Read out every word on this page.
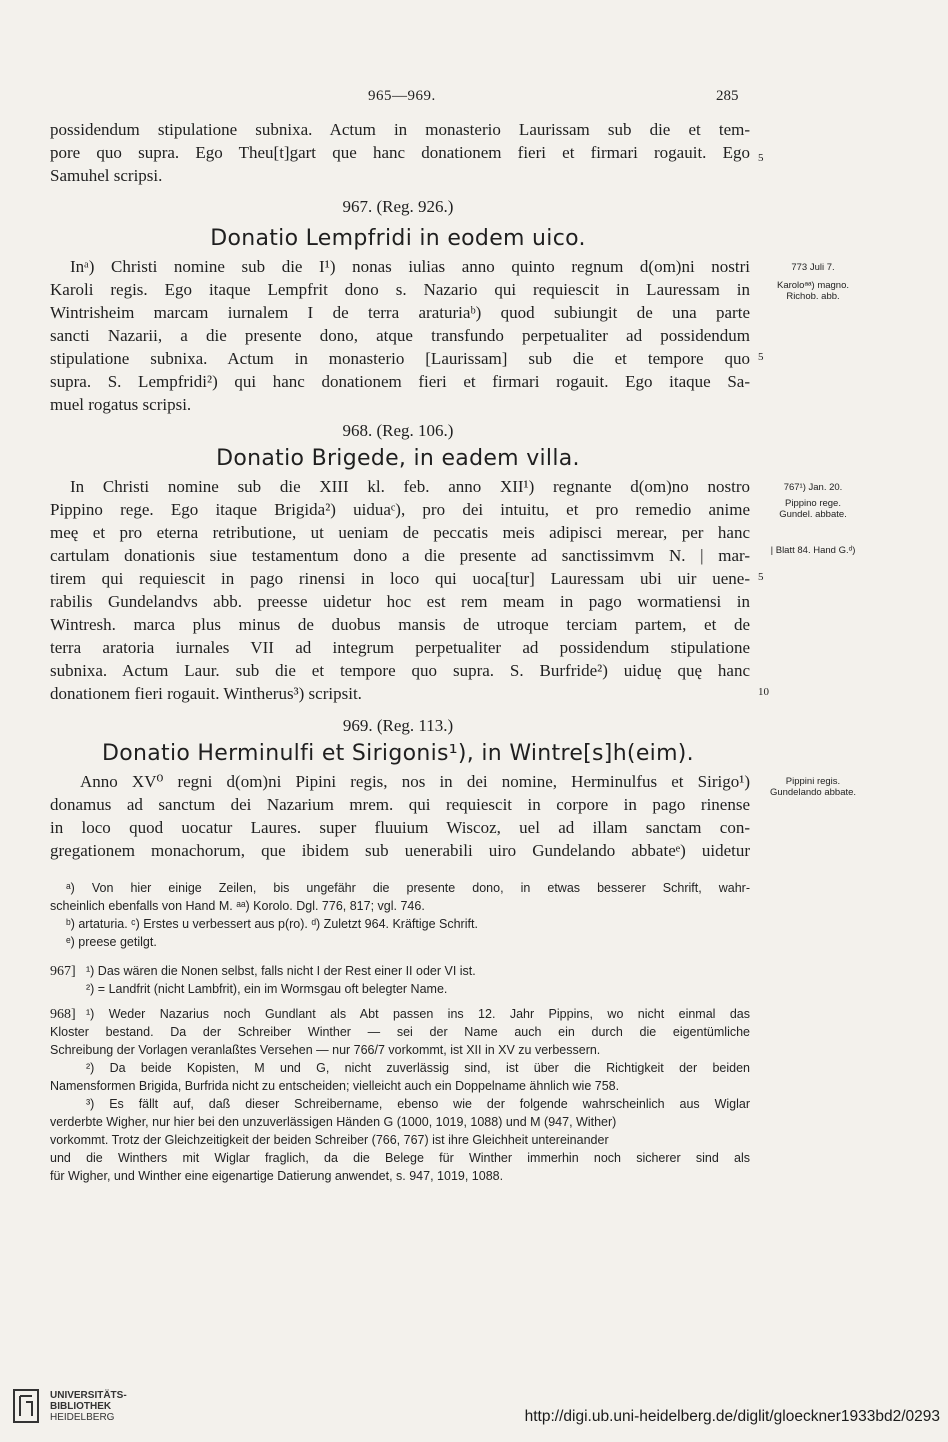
965—969.	285
possidendum stipulatione subnixa. Actum in monasterio Laurissam sub die et tem-
pore quo supra. Ego Theu[t]gart que hanc donationem fieri et firmari rogauit. Ego
Samuhel scripsi.
5
967. (Reg. 926.)
Donatio Lempfridi in eodem uico.
Inᵃ) Christi nomine sub die I¹) nonas iulias anno quinto regnum d(om)ni nostri
Karoli regis. Ego itaque Lempfrit dono s. Nazario qui requiescit in Lauressam in
Wintrisheim marcam iurnalem I de terra araturiaᵇ) quod subiungit de una parte
sancti Nazarii, a die presente dono, atque transfundo perpetualiter ad possidendum
stipulatione subnixa. Actum in monasterio [Laurissam] sub die et tempore quo
supra. S. Lempfridi²) qui hanc donationem fieri et firmari rogauit. Ego itaque Sa-
muel rogatus scripsi.
5
773 Juli 7.
Karoloᵃᵃ) magno. Richob. abb.
968. (Reg. 106.)
Donatio Brigede, in eadem villa.
In Christi nomine sub die XIII kl. feb. anno XII¹) regnante d(om)no nostro
Pippino rege. Ego itaque Brigida²) uiduaᶜ), pro dei intuitu, et pro remedio anime
meę et pro eterna retributione, ut ueniam de peccatis meis adipisci merear, per hanc
cartulam donationis siue testamentum dono a die presente ad sanctissimvm N. | mar-
tirem qui requiescit in pago rinensi in loco qui uoca[tur] Lauressam ubi uir uene-
rabilis Gundelandvs abb. preesse uidetur hoc est rem meam in pago wormatiensi in
Wintresh. marca plus minus de duobus mansis de utroque terciam partem, et de
terra aratoria iurnales VII ad integrum perpetualiter ad possidendum stipulatione
subnixa. Actum Laur. sub die et tempore quo supra. S. Burfride²) uiduę quę hanc
donationem fieri rogauit. Wintherus³) scripsit.
5
10
767¹) Jan. 20.
Pippino rege. Gundel. abbate.
| Blatt 84. Hand G.ᵈ)
969. (Reg. 113.)
Donatio Herminulfi et Sirigonis¹), in Wintre[s]h(eim).
Anno XV⁰ regni d(om)ni Pipini regis, nos in dei nomine, Herminulfus et Sirigo¹)
donamus ad sanctum dei Nazarium mrem. qui requiescit in corpore in pago rinense
in loco quod uocatur Laures. super fluuium Wiscoz, uel ad illam sanctam con-
gregationem monachorum, que ibidem sub uenerabili uiro Gundelando abbateᵉ) uidetur
Pippini regis. Gundelando abbate.
ᵃ) Von hier einige Zeilen, bis ungefähr die presente dono, in etwas besserer Schrift, wahr-
scheinlich ebenfalls von Hand M. ᵃᵃ) Korolo. Dgl. 776, 817; vgl. 746.
ᵇ) artaturia. ᶜ) Erstes u verbessert aus p(ro). ᵈ) Zuletzt 964. Kräftige Schrift.
ᵉ) preese getilgt.
967] ¹) Das wären die Nonen selbst, falls nicht I der Rest einer II oder VI ist.
²) = Landfrit (nicht Lambfrit), ein im Wormsgau oft belegter Name.
968] ¹) Weder Nazarius noch Gundlant als Abt passen ins 12. Jahr Pippins, wo nicht einmal das
Kloster bestand. Da der Schreiber Winther — sei der Name auch ein durch die eigentümliche
Schreibung der Vorlagen veranlaßtes Versehen — nur 766/7 vorkommt, ist XII in XV zu verbessern.
²) Da beide Kopisten, M und G, nicht zuverlässig sind, ist über die Richtigkeit der beiden
Namensformen Brigida, Burfrida nicht zu entscheiden; vielleicht auch ein Doppelname ähnlich wie 758.
³) Es fällt auf, daß dieser Schreibername, ebenso wie der folgende wahrscheinlich aus Wiglar
verderbte Wigher, nur hier bei den unzuverlässigen Händen G (1000, 1019, 1088) und M (947, Wither)
vorkommt. Trotz der Gleichzeitigkeit der beiden Schreiber (766, 767) ist ihre Gleichheit untereinander
und die Winthers mit Wiglar fraglich, da die Belege für Winther immerhin noch sicherer sind als
für Wigher, und Winther eine eigenartige Datierung anwendet, s. 947, 1019, 1088.
UNIVERSITÄTS-
BIBLIOTHEK
HEIDELBERG	http://digi.ub.uni-heidelberg.de/diglit/gloeckner1933bd2/0293
